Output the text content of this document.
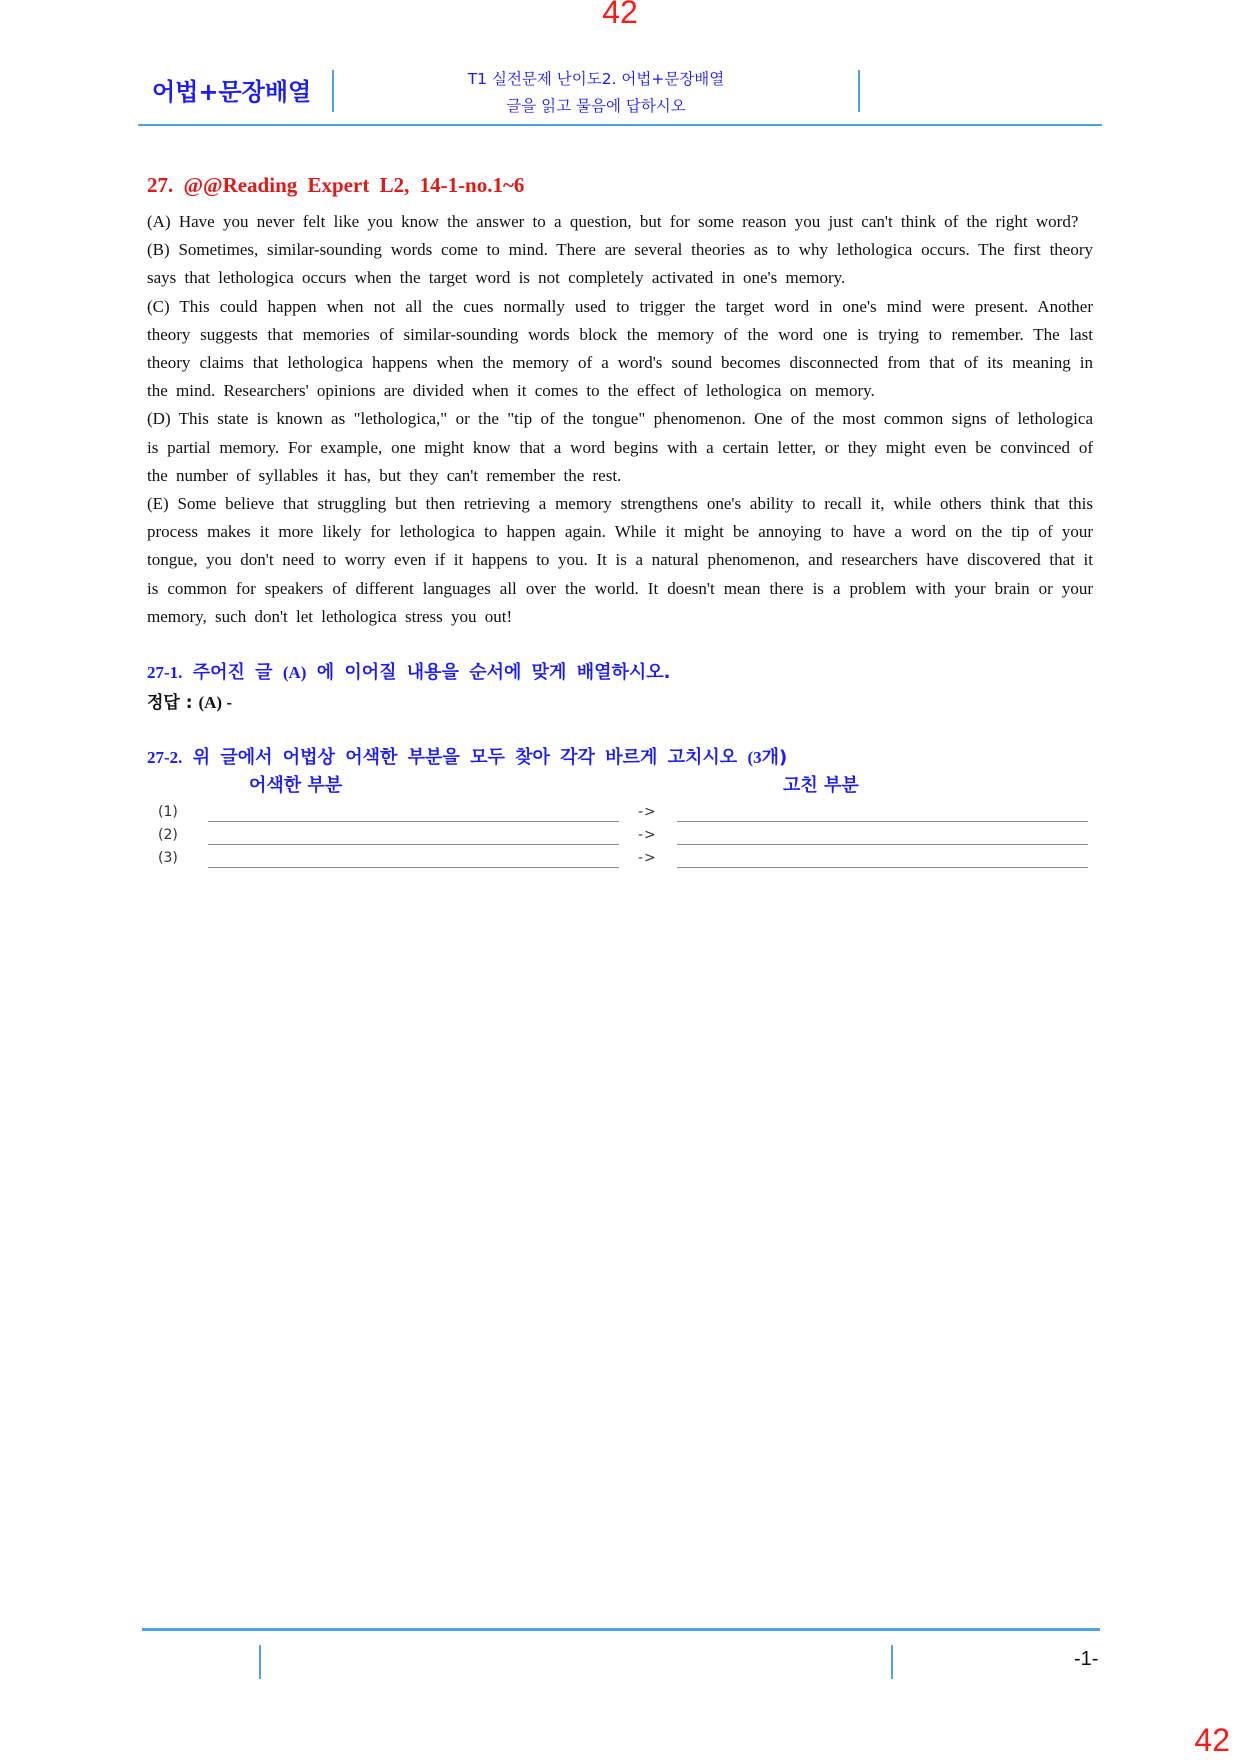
42
어법+문장배열	T1 실전문제 난이도2. 어법+문장배열
글을 읽고 물음에 답하시오
27. @@Reading Expert L2, 14-1-no.1~6

(A) Have you never felt like you know the answer to a question, but for some reason you just can't think of the right word?

(B) Sometimes, similar-sounding words come to mind. There are several theories as to why lethologica occurs. The first theory says that lethologica occurs when the target word is not completely activated in one's memory.

(C) This could happen when not all the cues normally used to trigger the target word in one's mind were present. Another theory suggests that memories of similar-sounding words block the memory of the word one is trying to remember. The last theory claims that lethologica happens when the memory of a word's sound becomes disconnected from that of its meaning in the mind. Researchers' opinions are divided when it comes to the effect of lethologica on memory.

(D) This state is known as "lethologica," or the "tip of the tongue" phenomenon. One of the most common signs of lethologica is partial memory. For example, one might know that a word begins with a certain letter, or they might even be convinced of the number of syllables it has, but they can't remember the rest.

(E) Some believe that struggling but then retrieving a memory strengthens one's ability to recall it, while others think that this process makes it more likely for lethologica to happen again. While it might be annoying to have a word on the tip of your tongue, you don't need to worry even if it happens to you. It is a natural phenomenon, and researchers have discovered that it is common for speakers of different languages all over the world. It doesn't mean there is a problem with your brain or your memory, such don't let lethologica stress you out!

27-1. 주어진 글 (A) 에 이어질 내용을 순서에 맞게 배열하시오.
정답 : (A) -
27-2. 위 글에서 어법상 어색한 부분을 모두 찾아 각각 바르게 고치시오 (3개)
어색한 부분	고친 부분
(1)	->
(2)	->
(3)	->
-1-
42
